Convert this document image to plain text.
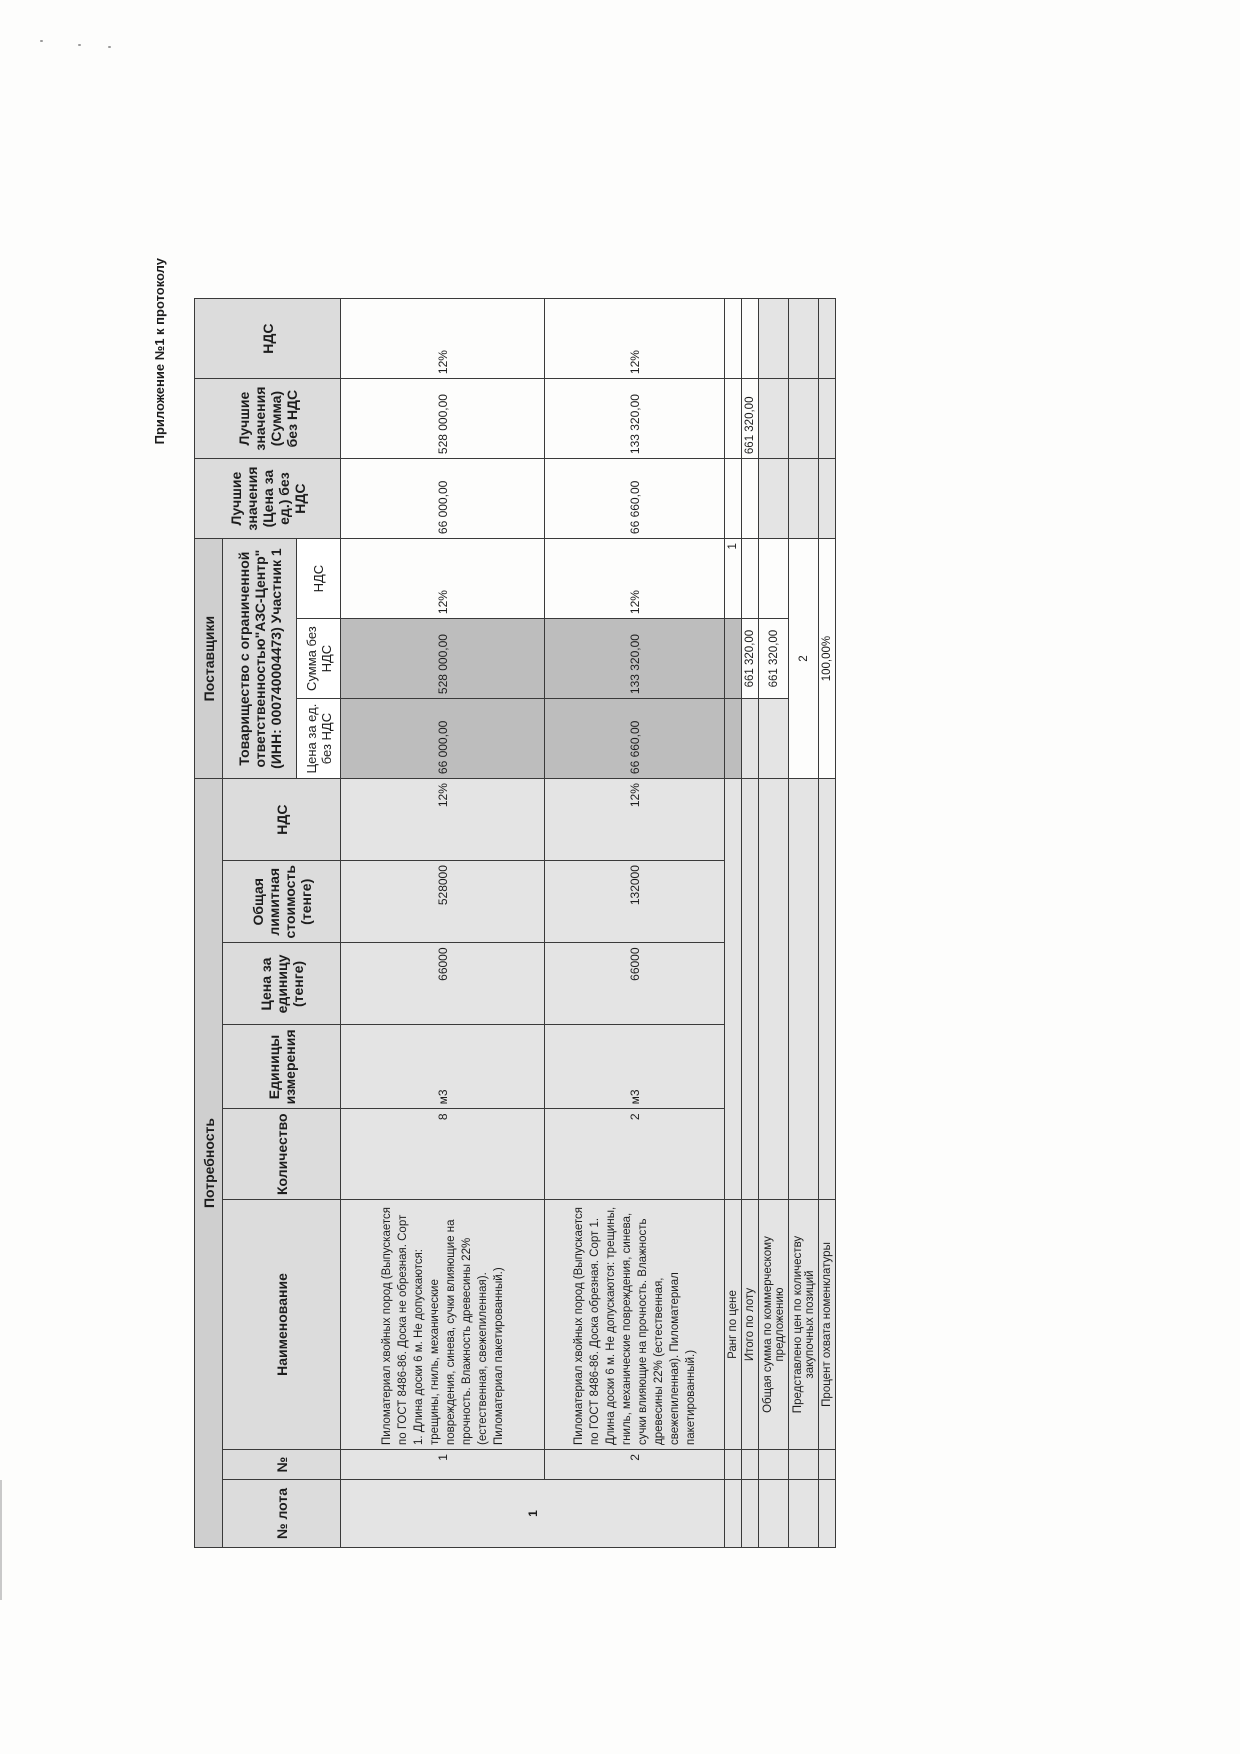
Приложение №1 к протоколу
Потребность								Поставщики			Лучшие значения (Цена за ед.) без НДС	Лучшие значения (Сумма) без НДС	НДС
№ лота	№	Наименование	Количество	Единицы измерения	Цена за единицу (тенге)	Общая лимитная стоимость (тенге)	НДС	Товарищество с ограниченной ответственностью"АЗС-Центр" (ИНН: 000740004473) Участник 1					
								Цена за ед. без НДС	Сумма без НДС	НДС			
1	1	Пиломатериал хвойных пород (Выпускается по ГОСТ 8486-86. Доска не обрезная. Сорт 1. Длина доски 6 м. Не допускаются: трещины, гниль, механические повреждения, синева, сучки влияющие на прочность. Влажность древесины 22% (естественная, свежепиленная). Пиломатериал пакетированный.)	8	м3	66000	528000	12%	66 000,00	528 000,00	12%	66 000,00	528 000,00	12%
	2	Пиломатериал хвойных пород (Выпускается по ГОСТ 8486-86. Доска обрезная. Сорт 1. Длина доски 6 м. Не допускаются: трещины, гниль, механические повреждения, синева, сучки влияющие на прочность. Влажность древесины 22% (естественная, свежепиленная). Пиломатериал пакетированный.)	2	м3	66000	132000	12%	66 660,00	133 320,00	12%	66 660,00	133 320,00	12%
		Ранг по цене								1			
		Итого по лоту							661 320,00			661 320,00	
		Общая сумма по коммерческому предложению							661 320,00				
		Представлено цен по количеству закупочных позиций						2					
		Процент охвата номенклатуры						100,00%					
